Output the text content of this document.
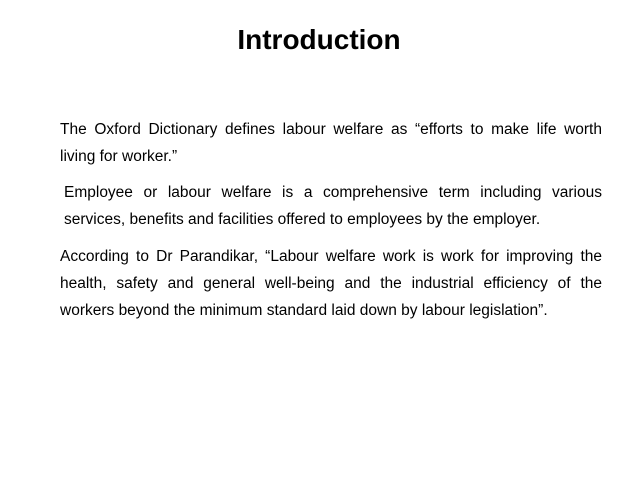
Introduction

The Oxford Dictionary defines labour welfare as “efforts to make life worth living for worker.”

Employee or labour welfare is a comprehensive term including various services, benefits and facilities offered to employees by the employer.

According to Dr Parandikar, “Labour welfare work is work for improving the health, safety and general well-being and the industrial efficiency of the workers beyond the minimum standard laid down by labour legislation”.
